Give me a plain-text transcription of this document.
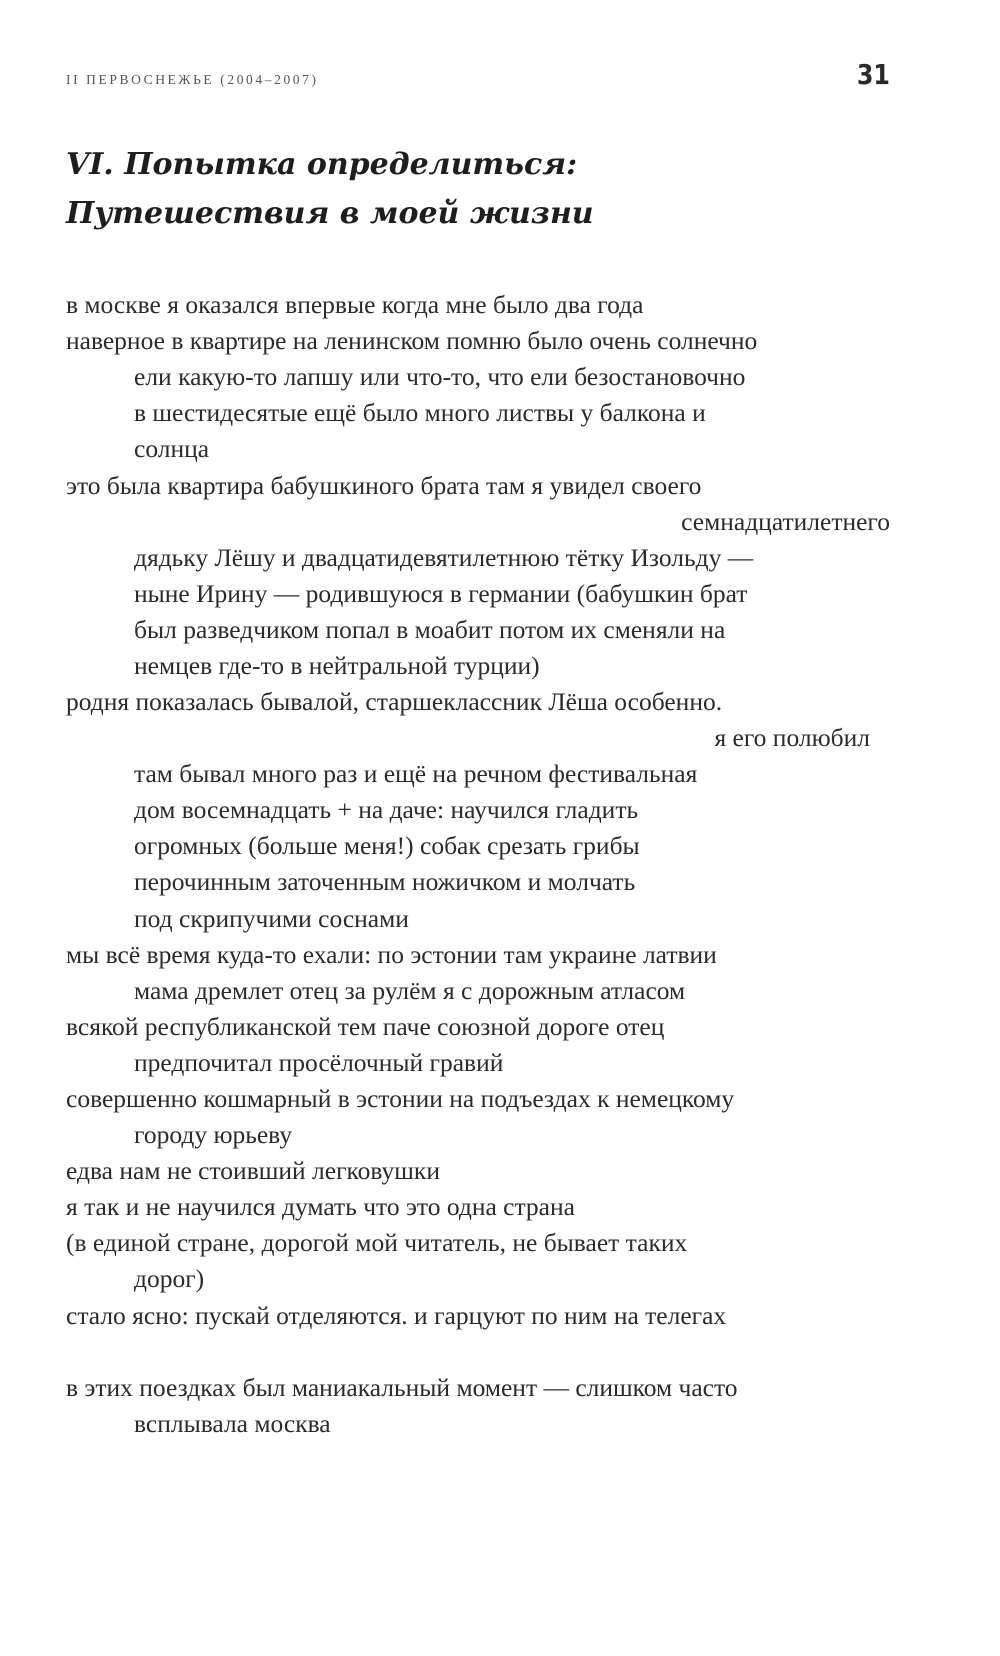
II ПЕРВОСНЕЖЬЕ (2004–2007)	31
VI. Попытка определиться:
Путешествия в моей жизни
в москве я оказался впервые когда мне было два года
наверное в квартире на ленинском помню было очень солнечно
ели какую-то лапшу или что-то, что ели безостановочно
в шестидесятые ещё было много листвы у балкона и
солнца
это была квартира бабушкиного брата там я увидел своего
семнадцатилетнего
дядьку Лёшу и двадцатидевятилетнюю тётку Изольду —
ныне Ирину — родившуюся в германии (бабушкин брат
был разведчиком попал в моабит потом их сменяли на
немцев где-то в нейтральной турции)
родня показалась бывалой, старшеклассник Лёша особенно.
я его полюбил
там бывал много раз и ещё на речном фестивальная
дом восемнадцать + на даче: научился гладить
огромных (больше меня!) собак срезать грибы
перочинным заточенным ножичком и молчать
под скрипучими соснами
мы всё время куда-то ехали: по эстонии там украине латвии
мама дремлет отец за рулём я с дорожным атласом
всякой республиканской тем паче союзной дороге отец
предпочитал просёлочный гравий
совершенно кошмарный в эстонии на подъездах к немецкому
городу юрьеву
едва нам не стоивший легковушки
я так и не научился думать что это одна страна
(в единой стране, дорогой мой читатель, не бывает таких
дорог)
стало ясно: пускай отделяются. и гарцуют по ним на телегах
в этих поездках был маниакальный момент — слишком часто
всплывала москва
